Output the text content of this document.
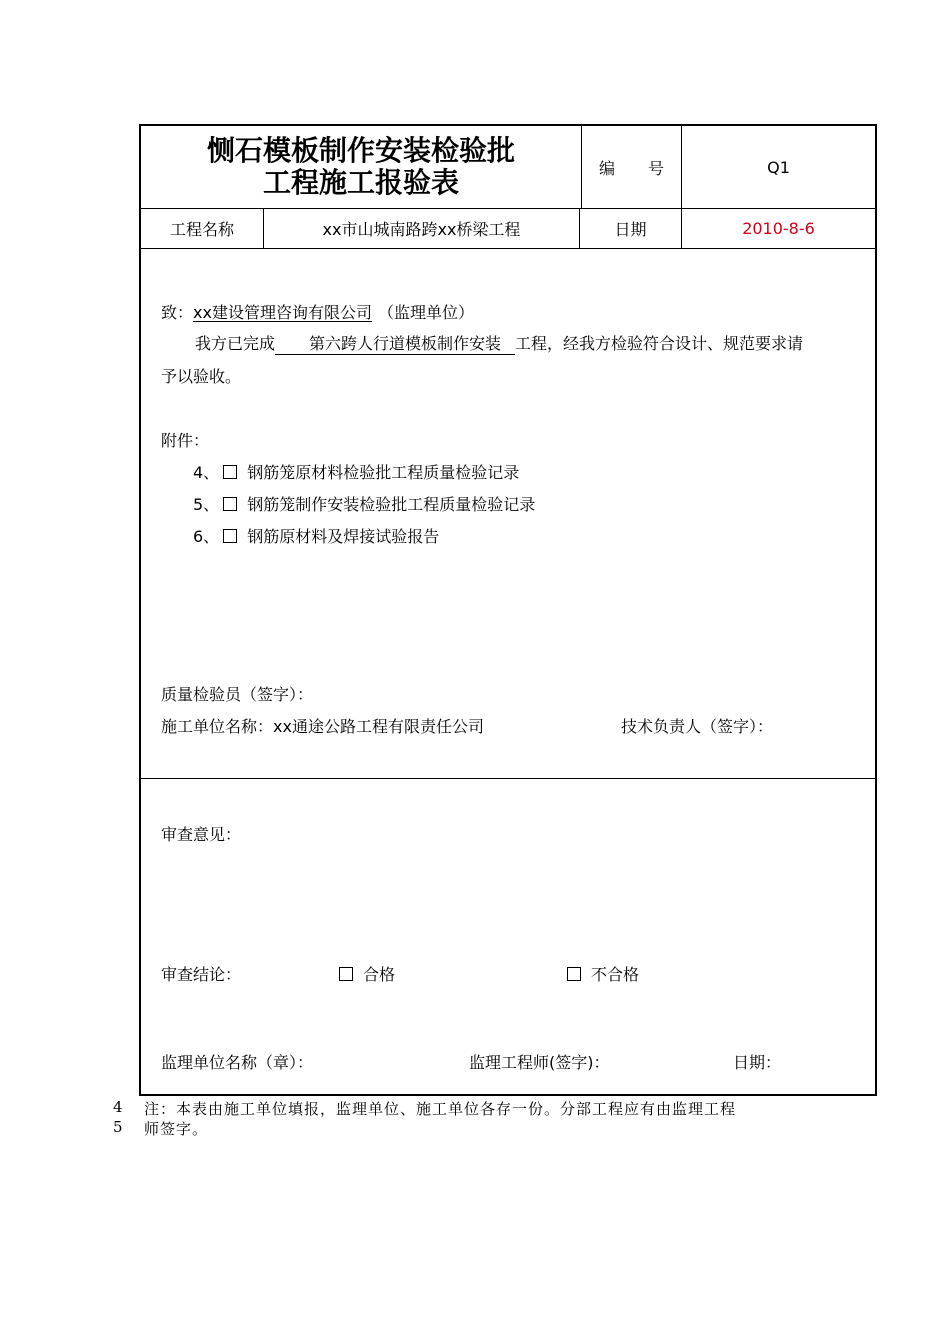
恻石模板制作安装检验批
工程施工报验表	编 号	Q1
工程名称	xx市山城南路跨xx桥梁工程	日期	2010-8-6
致：xx建设管理咨询有限公司 （监理单位）
我方已完成 第六跨人行道模板制作安装 工程，经我方检验符合设计、规范要求请
予以验收。
附件：
4、 钢筋笼原材料检验批工程质量检验记录
5、 钢筋笼制作安装检验批工程质量检验记录
6、 钢筋原材料及焊接试验报告
质量检验员（签字）：
施工单位名称：xx通途公路工程有限责任公司	技术负责人（签字）：
审查意见：
审查结论：	合格	不合格
监理单位名称（章）：	监理工程师(签字)：	日期：
4 注：本表由施工单位填报，监理单位、施工单位各存一份。分部工程应有由监理工程
5 师签字。
